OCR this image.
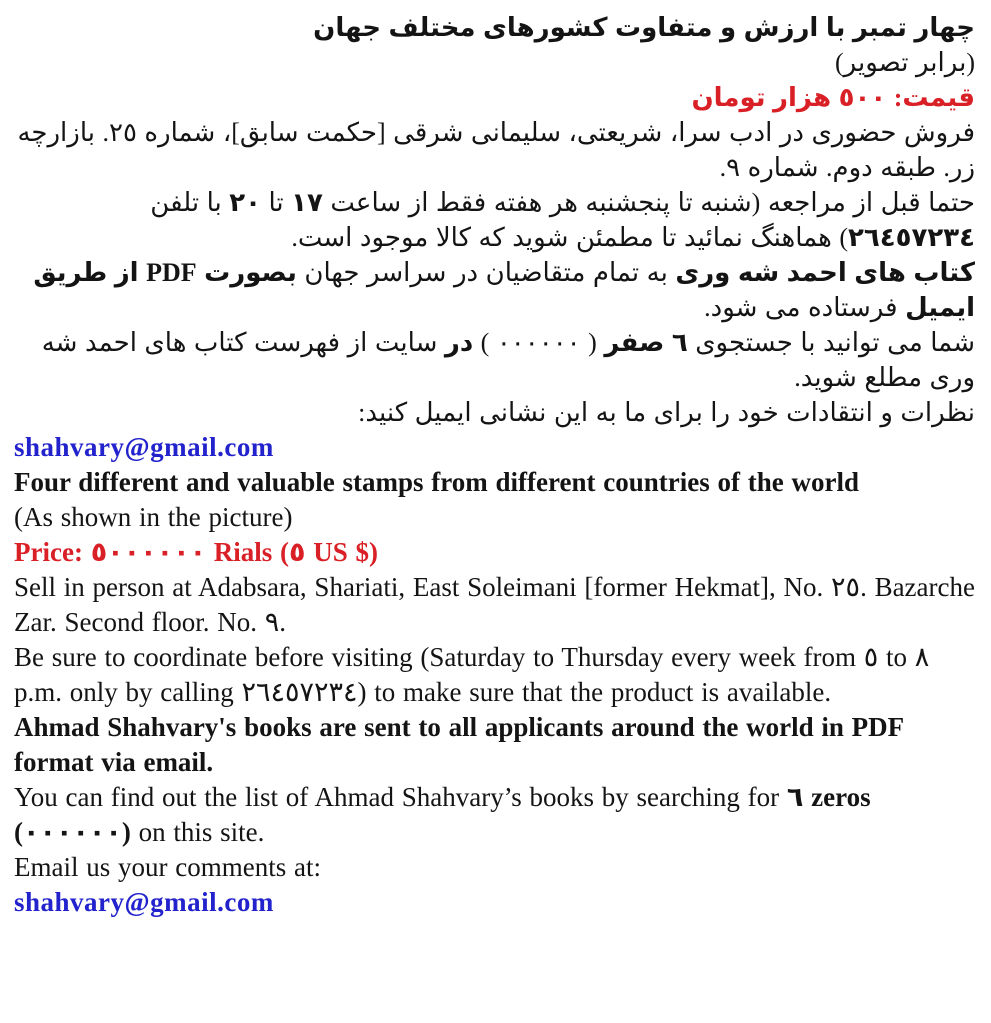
چهار تمبر با ارزش و متفاوت کشورهای مختلف جهان

(برابر تصویر)

قیمت: ٥٠٠ هزار تومان

فروش حضوری در ادب سرا، شریعتی، سلیمانی شرقی [حکمت سابق]، شماره ٢٥. بازارچه زر. طبقه دوم. شماره ٩.

حتما قبل از مراجعه (شنبه تا پنجشنبه هر هفته فقط از ساعت ١٧ تا ٢٠ با تلفن ٢٦٤٥٧٢٣٤) هماهنگ نمائید تا مطمئن شوید که کالا موجود است.

کتاب های احمد شه وری به تمام متقاضیان در سراسر جهان بصورت PDF از طریق ایمیل فرستاده می شود.

شما می توانید با جستجوی ٦ صفر ( ٠٠٠٠٠٠ ) در سایت از فهرست کتاب های احمد شه وری مطلع شوید.

نظرات و انتقادات خود را برای ما به این نشانی ایمیل کنید:

shahvary@gmail.com

Four different and valuable stamps from different countries of the world

(As shown in the picture)

Price: ٥٠٠٠٠٠٠ Rials (٥ US $)

Sell in person at Adabsara, Shariati, East Soleimani [former Hekmat], No. ٢٥. Bazarche Zar. Second floor. No. ٩.

Be sure to coordinate before visiting (Saturday to Thursday every week from ٥ to ٨ p.m. only by calling ٢٦٤٥٧٢٣٤) to make sure that the product is available.

Ahmad Shahvary's books are sent to all applicants around the world in PDF format via email.

You can find out the list of Ahmad Shahvary’s books by searching for ٦ zeros (٠٠٠٠٠٠) on this site.

Email us your comments at:

shahvary@gmail.com
